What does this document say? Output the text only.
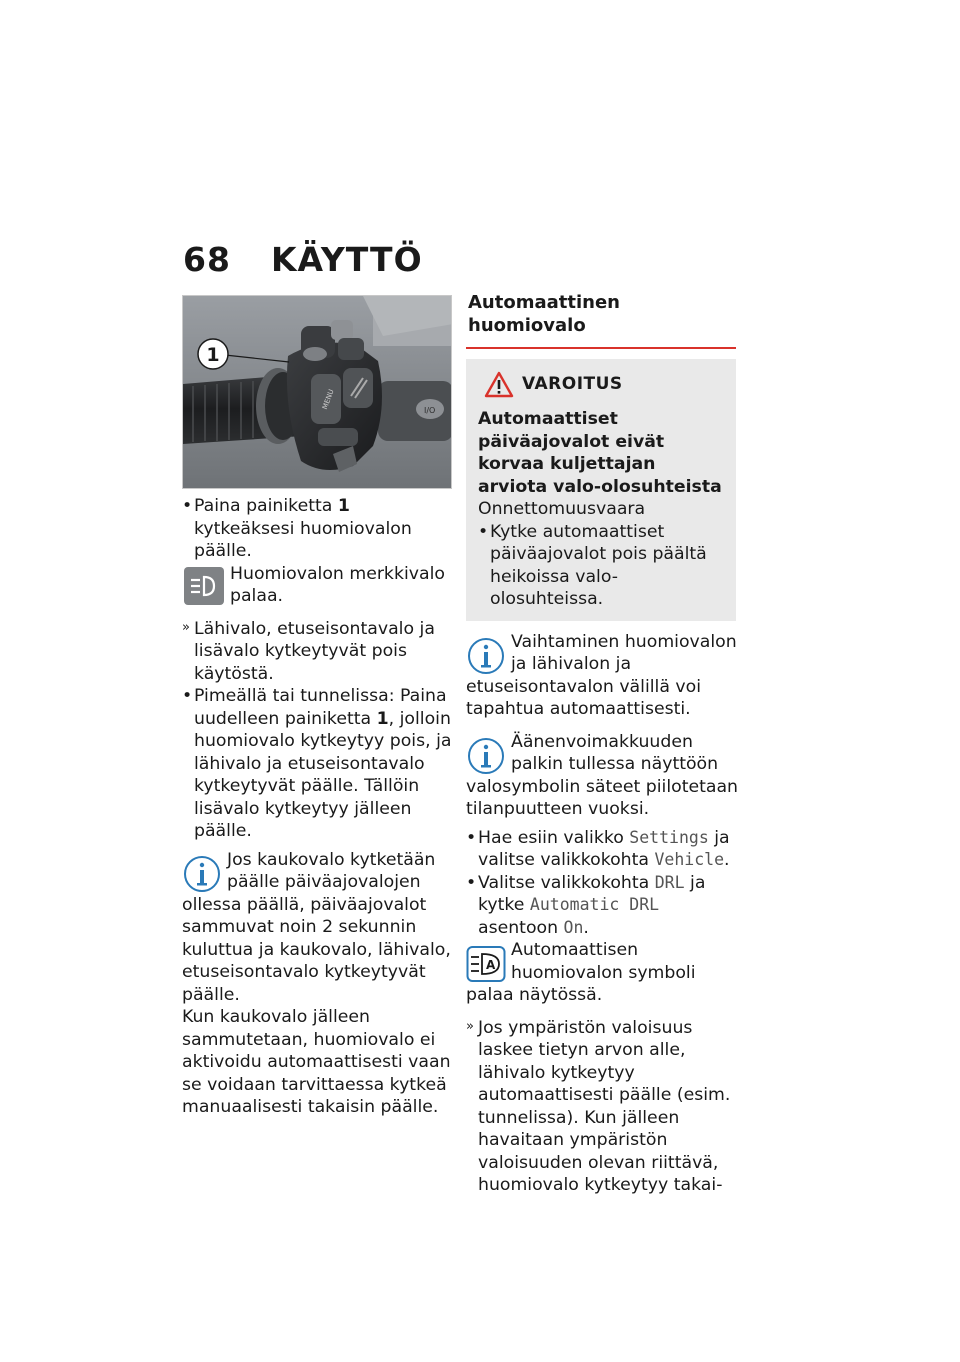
68 KÄYTTÖ
I/O
MENU
1

• Paina painiketta 1 kytkeäksesi huomiovalon päälle.

Huomiovalon merkkivalo palaa.

» Lähivalo, etuseisontavalo ja lisävalo kytkeytyvät pois käytöstä.

• Pimeällä tai tunnelissa: Paina uudelleen painiketta 1, jolloin huomiovalo kytkeytyy pois, ja lähivalo ja etuseisontavalo kytkeytyvät päälle. Tällöin lisävalo kytkeytyy jälleen päälle.

Jos kaukovalo kytketään päälle päiväajovalojen ollessa päällä, päiväajovalot sammuvat noin 2 sekunnin kuluttua ja kaukovalo, lähivalo, etuseisontavalo kytkeytyvät päälle.

Kun kaukovalo jälleen sammutetaan, huomiovalo ei aktivoidu automaattisesti vaan se voidaan tarvittaessa kytkeä manuaalisesti takaisin päälle.

Automaattinen huomiovalo

VAROITUS

Automaattiset päiväajovalot eivät korvaa kuljettajan arviota valo-olosuhteista

Onnettomuusvaara

• Kytke automaattiset päiväajovalot pois päältä heikoissa valo-olosuhteissa.

Vaihtaminen huomiovalon ja lähivalon ja etuseisontavalon välillä voi tapahtua automaattisesti.
Äänenvoimakkuuden palkin tullessa näyttöön valosymbolin säteet piilotetaan tilanpuutteen vuoksi.

• Hae esiin valikko Settings ja valitse valikkokohta Vehicle.

• Valitse valikkokohta DRL ja kytke Automatic DRL asentoon On.

A
Automaattisen huomiovalon symboli palaa näytössä.

» Jos ympäristön valoisuus laskee tietyn arvon alle, lähivalo kytkeytyy automaattisesti päälle (esim. tunnelissa). Kun jälleen havaitaan ympäristön valoisuuden olevan riittävä, huomiovalo kytkeytyy takai-
